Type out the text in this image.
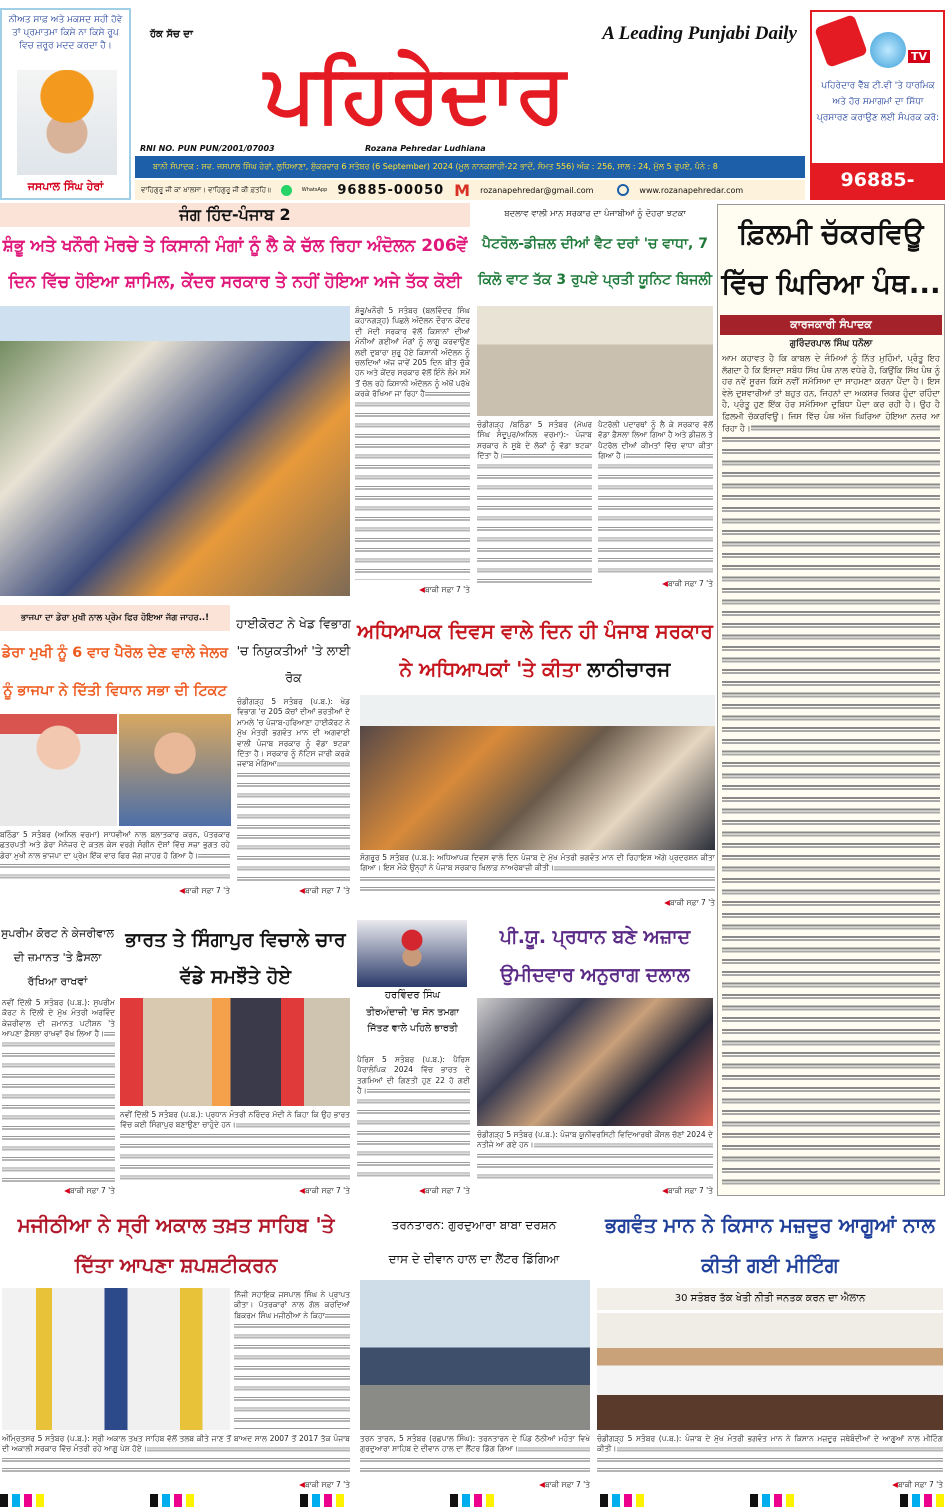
ਨੀਅਤ ਸਾਫ਼ ਅਤੇ ਮਕਸਦ ਸਹੀ ਹੋਵੇ ਤਾਂ ਪ੍ਰਮਾਤਮਾ ਕਿਸੇ ਨਾ ਕਿਸੇ ਰੂਪ ਵਿਚ ਜ਼ਰੂਰ ਮਦਦ ਕਰਦਾ ਹੈ।
ਜਸਪਾਲ ਸਿੰਘ ਹੇਰਾਂ
ਹੱਕ ਸੱਚ ਦਾ	A Leading Punjabi Daily
ਪਹਿਰੇਦਾਰ
RNI NO. PUN PUN/2001/07003	Rozana Pehredar Ludhiana
ਬਾਨੀ ਸੰਪਾਦਕ : ਸਵ. ਜਸਪਾਲ ਸਿੰਘ ਹੇਰਾਂ, ਲੁਧਿਆਣਾ, ਸ਼ੁੱਕਰਵਾਰ 6 ਸਤੰਬਰ (6 September) 2024 (ਮੂਲ ਨਾਨਕਸ਼ਾਹੀ-22 ਭਾਦੋਂ, ਸੰਮਤ 556) ਅੰਕ : 256, ਸਾਲ : 24, ਮੁੱਲ 5 ਰੁਪਏ, ਪੰਨੇ : 8
ਵਾਹਿਗੁਰੂ ਜੀ ਕਾ ਖ਼ਾਲਸਾ। ਵਾਹਿਗੁਰੂ ਜੀ ਕੀ ਫ਼ਤਹਿ॥	WhatsApp 96885-00050 M rozanapehredar@gmail.com	www.rozanapehredar.com
TV
ਪਹਿਰੇਦਾਰ ਵੈੱਬ ਟੀ.ਵੀ 'ਤੇ ਧਾਰਮਿਕ ਅਤੇ ਹੋਰ ਸਮਾਗਮਾਂ ਦਾ ਸਿੱਧਾ ਪ੍ਰਸਾਰਣ ਕਰਾਉਣ ਲਈ ਸੰਪਰਕ ਕਰੋ:
96885-
ਜੰਗ ਹਿੰਦ-ਪੰਜਾਬ 2
ਸ਼ੰਭੂ ਅਤੇ ਖਨੌਰੀ ਮੋਰਚੇ ਤੇ ਕਿਸਾਨੀ ਮੰਗਾਂ ਨੂੰ ਲੈ ਕੇ ਚੱਲ ਰਿਹਾ ਅੰਦੋਲਨ 206ਵੇਂ ਦਿਨ ਵਿੱਚ ਹੋਇਆ ਸ਼ਾਮਿਲ, ਕੇਂਦਰ ਸਰਕਾਰ ਤੇ ਨਹੀਂ ਹੋਇਆ ਅਜੇ ਤੱਕ ਕੋਈ
ਸ਼ੰਭੂ/ਖਨੌਰੀ 5 ਸਤੰਬਰ (ਬਲਵਿੰਦਰ ਸਿੰਘ ਕਹਾਨਗੜ੍ਹ) ਪਿਛਲੇ ਅੰਦੋਲਨ ਦੌਰਾਨ ਕੇਂਦਰ ਦੀ ਮੋਦੀ ਸਰਕਾਰ ਵੱਲੋਂ ਕਿਸਾਨਾਂ ਦੀਆਂ ਮੰਨੀਆਂ ਗਈਆਂ ਮੰਗਾਂ ਨੂੰ ਲਾਗੂ ਕਰਵਾਉਣ ਲਈ ਦੁਬਾਰਾ ਸ਼ੁਰੂ ਹੋਏ ਕਿਸਾਨੀ ਅੰਦੋਲਨ ਨੂੰ ਚਲਦਿਆਂ ਅੱਜ ਜਾਵੇਂ 205 ਦਿਨ ਬੀਤ ਚੁੱਕੇ ਹਨ ਅਤੇ ਕੇਂਦਰ ਸਰਕਾਰ ਵੱਲੋਂ ਇੰਨੇ ਲੰਮੇ ਸਮੇਂ ਤੋਂ ਚੱਲ ਰਹੇ ਕਿਸਾਨੀ ਅੰਦੋਲਨ ਨੂੰ ਅੱਖੋਂ ਪਰੋਖੇ ਕਰਕੇ ਰੱਖਿਆ ਜਾ ਰਿਹਾ ਹੈ
◀ ਬਾਕੀ ਸਫ਼ਾ 7 'ਤੇ
ਬਦਲਾਵ ਵਾਲੀ ਮਾਨ ਸਰਕਾਰ ਦਾ ਪੰਜਾਬੀਆਂ ਨੂੰ ਦੋਹਰਾ ਝਟਕਾ
ਪੈਟਰੋਲ-ਡੀਜ਼ਲ ਦੀਆਂ ਵੈਟ ਦਰਾਂ 'ਚ ਵਾਧਾ, 7 ਕਿਲੋ ਵਾਟ ਤੱਕ 3 ਰੁਪਏ ਪ੍ਰਤੀ ਯੂਨਿਟ ਬਿਜਲੀ
ਚੰਡੀਗੜ੍ਹ /ਬਠਿੰਡਾ 5 ਸਤੰਬਰ (ਮੱਘਰ ਸਿੰਘ ਸੰਦੂਪੁਰ/ਅਨਿਲ ਵਰਮਾ):- ਪੰਜਾਬ ਸਰਕਾਰ ਨੇ ਸੂਬੇ ਦੇ ਲੋਕਾਂ ਨੂੰ ਵੱਡਾ ਝਟਕਾ ਦਿੱਤਾ ਹੈ।
ਪੈਟਰੋਲੀ ਪਦਾਰਥਾਂ ਨੂੰ ਲੈ ਕੇ ਸਰਕਾਰ ਵੱਲੋਂ ਵੱਡਾ ਫ਼ੈਸਲਾ ਲਿਆ ਗਿਆ ਹੈ ਅਤੇ ਡੀਜ਼ਲ ਤੇ ਪੈਟਰੋਲ ਦੀਆਂ ਕੀਮਤਾਂ ਵਿੱਚ ਵਾਧਾ ਕੀਤਾ ਗਿਆ ਹੈ।
◀ ਬਾਕੀ ਸਫ਼ਾ 7 'ਤੇ
ਫ਼ਿਲਮੀ ਚੱਕਰਵਿਊ ਵਿੱਚ ਘਿਰਿਆ ਪੰਥ...
ਕਾਰਜਕਾਰੀ ਸੰਪਾਦਕ
ਗੁਰਿੰਦਰਪਾਲ ਸਿੰਘ ਧਨੌਲਾ
ਆਮ ਕਹਾਵਤ ਹੈ ਕਿ ਕਾਬਲ ਦੇ ਜੰਮਿਆਂ ਨੂੰ ਨਿੱਤ ਮੁਹਿੰਮਾਂ, ਪ੍ਰੰਤੂ ਇਹ ਲੱਗਦਾ ਹੈ ਕਿ ਇਸਦਾ ਸਬੰਧ ਸਿੱਖ ਪੰਥ ਨਾਲ ਵਧੇਰੇ ਹੈ, ਕਿਉਂਕਿ ਸਿੱਖ ਪੰਥ ਨੂੰ ਹਰ ਨਵੇਂ ਸੂਰਜ ਕਿਸੇ ਨਵੀਂ ਸਮੱਸਿਆ ਦਾ ਸਾਹਮਣਾ ਕਰਨਾ ਪੈਂਦਾ ਹੈ। ਇਸ ਵੇਲੇ ਦੁਸ਼ਵਾਰੀਆਂ ਤਾਂ ਬਹੁਤ ਹਨ, ਜਿਹਨਾਂ ਦਾ ਅਕਸਰ ਜ਼ਿਕਰ ਹੁੰਦਾ ਰਹਿੰਦਾ ਹੈ, ਪ੍ਰੰਤੂ ਹੁਣ ਇੱਕ ਹੋਰ ਸਮੱਸਿਆ ਦੁਬਿਧਾ ਪੈਦਾ ਕਰ ਰਹੀ ਹੈ। ਉਹ ਹੈ ਫ਼ਿਲਮੀ ਚੱਕਰਵਿਊ। ਜਿਸ ਵਿੱਚ ਪੰਥ ਅੱਜ ਘਿਰਿਆ ਹੋਇਆ ਨਜ਼ਰ ਆ ਰਿਹਾ ਹੈ।
ਭਾਜਪਾ ਦਾ ਡੇਰਾ ਮੁਖੀ ਨਾਲ ਪ੍ਰੇਮ ਫਿਰ ਹੋਇਆ ਜੱਗ ਜਾਹਰ..!
ਡੇਰਾ ਮੁਖੀ ਨੂੰ 6 ਵਾਰ ਪੈਰੋਲ ਦੇਣ ਵਾਲੇ ਜੇਲਰ ਨੂੰ ਭਾਜਪਾ ਨੇ ਦਿੱਤੀ ਵਿਧਾਨ ਸਭਾ ਦੀ ਟਿਕਟ
ਬਠਿੰਡਾ 5 ਸਤੰਬਰ (ਅਨਿਲ ਵਰਮਾ) ਸਾਧਵੀਆਂ ਨਾਲ ਬਲਾਤਕਾਰ ਕਰਨ, ਪੱਤਰਕਾਰ ਛਤਰਪਤੀ ਅਤੇ ਡੇਰਾ ਮੈਨੇਜਰ ਦੇ ਕਤਲ ਕੇਸ ਵਰਗੇ ਸੰਗੀਨ ਦੋਸ਼ਾਂ ਵਿੱਚ ਸਜ਼ਾ ਭੁਗਤ ਰਹੇ ਡੇਰਾ ਮੁਖੀ ਨਾਲ ਭਾਜਪਾ ਦਾ ਪ੍ਰੇਮ ਇੱਕ ਵਾਰ ਫਿਰ ਜੱਗ ਜਾਹਰ ਹੋ ਗਿਆ ਹੈ।
◀ ਬਾਕੀ ਸਫ਼ਾ 7 'ਤੇ
ਹਾਈਕੋਰਟ ਨੇ ਖੇਡ ਵਿਭਾਗ 'ਚ ਨਿਯੁਕਤੀਆਂ 'ਤੇ ਲਾਈ ਰੋਕ
ਚੰਡੀਗੜ੍ਹ 5 ਸਤੰਬਰ (ਪ.ਬ.): ਖੇਡ ਵਿਭਾਗ 'ਚ 205 ਕੋਚਾਂ ਦੀਆਂ ਭਰਤੀਆਂ ਦੇ ਮਾਮਲੇ 'ਚ ਪੰਜਾਬ-ਹਰਿਆਣਾ ਹਾਈਕੋਰਟ ਨੇ ਮੁੱਖ ਮੰਤਰੀ ਭਗਵੰਤ ਮਾਨ ਦੀ ਅਗਵਾਈ ਵਾਲੀ ਪੰਜਾਬ ਸਰਕਾਰ ਨੂੰ ਵੱਡਾ ਝਟਕਾ ਦਿੱਤਾ ਹੈ। ਸਰਕਾਰ ਨੂੰ ਨੋਟਿਸ ਜਾਰੀ ਕਰਕੇ ਜਵਾਬ ਮੰਗਿਆ
◀ ਬਾਕੀ ਸਫ਼ਾ 7 'ਤੇ
ਅਧਿਆਪਕ ਦਿਵਸ ਵਾਲੇ ਦਿਨ ਹੀ ਪੰਜਾਬ ਸਰਕਾਰ ਨੇ ਅਧਿਆਪਕਾਂ 'ਤੇ ਕੀਤਾ ਲਾਠੀਚਾਰਜ
ਸੰਗਰੂਰ 5 ਸਤੰਬਰ (ਪ.ਬ.): ਅਧਿਆਪਕ ਦਿਵਸ ਵਾਲੇ ਦਿਨ ਪੰਜਾਬ ਦੇ ਮੁੱਖ ਮੰਤਰੀ ਭਗਵੰਤ ਮਾਨ ਦੀ ਰਿਹਾਇਸ਼ ਅੱਗੇ ਪ੍ਰਦਰਸ਼ਨ ਕੀਤਾ ਗਿਆ। ਇਸ ਮੌਕੇ ਉਨ੍ਹਾਂ ਨੇ ਪੰਜਾਬ ਸਰਕਾਰ ਖ਼ਿਲਾਫ਼ ਨਾਅਰੇਬਾਜ਼ੀ ਕੀਤੀ।
◀ ਬਾਕੀ ਸਫ਼ਾ 7 'ਤੇ
ਸੁਪਰੀਮ ਕੋਰਟ ਨੇ ਕੇਜਰੀਵਾਲ ਦੀ ਜ਼ਮਾਨਤ 'ਤੇ ਫ਼ੈਸਲਾ ਰੱਖਿਆ ਰਾਖਵਾਂ
ਨਵੀਂ ਦਿੱਲੀ 5 ਸਤੰਬਰ (ਪ.ਬ.): ਸੁਪਰੀਮ ਕੋਰਟ ਨੇ ਦਿੱਲੀ ਦੇ ਮੁੱਖ ਮੰਤਰੀ ਅਰਵਿੰਦ ਕੇਜਰੀਵਾਲ ਦੀ ਜ਼ਮਾਨਤ ਪਟੀਸ਼ਨ 'ਤੇ ਆਪਣਾ ਫ਼ੈਸਲਾ ਰਾਖਵਾਂ ਰੱਖ ਲਿਆ ਹੈ।
◀ ਬਾਕੀ ਸਫ਼ਾ 7 'ਤੇ
ਭਾਰਤ ਤੇ ਸਿੰਗਾਪੁਰ ਵਿਚਾਲੇ ਚਾਰ ਵੱਡੇ ਸਮਝੌਤੇ ਹੋਏ
ਨਵੀਂ ਦਿੱਲੀ 5 ਸਤੰਬਰ (ਪ.ਬ.): ਪ੍ਰਧਾਨ ਮੰਤਰੀ ਨਰਿੰਦਰ ਮੋਦੀ ਨੇ ਕਿਹਾ ਕਿ ਉਹ ਭਾਰਤ ਵਿੱਚ ਕਈ ਸਿੰਗਾਪੁਰ ਬਣਾਉਣਾ ਚਾਹੁੰਦੇ ਹਨ।
◀ ਬਾਕੀ ਸਫ਼ਾ 7 'ਤੇ
ਹਰਵਿੰਦਰ ਸਿੰਘ
ਤੀਰਅੰਦਾਜ਼ੀ 'ਚ ਸੋਨ ਤਮਗਾ ਜਿੱਤਣ ਵਾਲੇ ਪਹਿਲੇ ਭਾਰਤੀ
ਪੈਰਿਸ 5 ਸਤੰਬਰ (ਪ.ਬ.): ਪੈਰਿਸ ਪੈਰਾਲੰਪਿਕ 2024 ਵਿੱਚ ਭਾਰਤ ਦੇ ਤਗਮਿਆਂ ਦੀ ਗਿਣਤੀ ਹੁਣ 22 ਹੋ ਗਈ ਹੈ।
◀ ਬਾਕੀ ਸਫ਼ਾ 7 'ਤੇ
ਪੀ.ਯੂ. ਪ੍ਰਧਾਨ ਬਣੇ ਅਜ਼ਾਦ ਉਮੀਦਵਾਰ ਅਨੁਰਾਗ ਦਲਾਲ
ਚੰਡੀਗੜ੍ਹ 5 ਸਤੰਬਰ (ਪ.ਬ.): ਪੰਜਾਬ ਯੂਨੀਵਰਸਿਟੀ ਵਿਦਿਆਰਥੀ ਕੌਂਸਲ ਚੋਣਾਂ 2024 ਦੇ ਨਤੀਜੇ ਆ ਗਏ ਹਨ।
◀ ਬਾਕੀ ਸਫ਼ਾ 7 'ਤੇ
ਮਜੀਠੀਆ ਨੇ ਸ੍ਰੀ ਅਕਾਲ ਤਖ਼ਤ ਸਾਹਿਬ 'ਤੇ ਦਿੱਤਾ ਆਪਣਾ ਸ਼ਪਸ਼ਟੀਕਰਨ
ਨਿੱਜੀ ਸਹਾਇਕ ਜਸਪਾਲ ਸਿੰਘ ਨੇ ਪ੍ਰਾਪਤ ਕੀਤਾ। ਪੱਤਰਕਾਰਾਂ ਨਾਲ ਗੱਲ ਕਰਦਿਆਂ ਬਿਕਰਮ ਸਿੰਘ ਮਜੀਠੀਆ ਨੇ ਕਿਹਾ
ਅੰਮ੍ਰਿਤਸਰ 5 ਸਤੰਬਰ (ਪ.ਬ.): ਸ੍ਰੀ ਅਕਾਲ ਤਖ਼ਤ ਸਾਹਿਬ ਵੱਲੋਂ ਤਲਬ ਕੀਤੇ ਜਾਣ ਤੋਂ ਬਾਅਦ ਸਾਲ 2007 ਤੋਂ 2017 ਤੱਕ ਪੰਜਾਬ ਦੀ ਅਕਾਲੀ ਸਰਕਾਰ ਵਿੱਚ ਮੰਤਰੀ ਰਹੇ ਆਗੂ ਪੇਸ਼ ਹੋਏ।
◀ ਬਾਕੀ ਸਫ਼ਾ 7 'ਤੇ
ਤਰਨਤਾਰਨ: ਗੁਰਦੁਆਰਾ ਬਾਬਾ ਦਰਸ਼ਨ
ਦਾਸ ਦੇ ਦੀਵਾਨ ਹਾਲ ਦਾ ਲੈਂਟਰ ਡਿੱਗਿਆ
ਤਰਨ ਤਾਰਨ, 5 ਸਤੰਬਰ (ਰਛਪਾਲ ਸਿੰਘ): ਤਰਨਤਾਰਨ ਦੇ ਪਿੰਡ ਠੱਠੀਆਂ ਮਹੰਤਾ ਵਿਖੇ ਗੁਰਦੁਆਰਾ ਸਾਹਿਬ ਦੇ ਦੀਵਾਨ ਹਾਲ ਦਾ ਲੈਂਟਰ ਡਿੱਗ ਗਿਆ।
◀ ਬਾਕੀ ਸਫ਼ਾ 7 'ਤੇ
ਭਗਵੰਤ ਮਾਨ ਨੇ ਕਿਸਾਨ ਮਜ਼ਦੂਰ ਆਗੂਆਂ ਨਾਲ ਕੀਤੀ ਗਈ ਮੀਟਿੰਗ
30 ਸਤੰਬਰ ਤੱਕ ਖੇਤੀ ਨੀਤੀ ਜਨਤਕ ਕਰਨ ਦਾ ਐਲਾਨ
ਚੰਡੀਗੜ੍ਹ 5 ਸਤੰਬਰ (ਪ.ਬ.): ਪੰਜਾਬ ਦੇ ਮੁੱਖ ਮੰਤਰੀ ਭਗਵੰਤ ਮਾਨ ਨੇ ਕਿਸਾਨ ਮਜ਼ਦੂਰ ਜਥੇਬੰਦੀਆਂ ਦੇ ਆਗੂਆਂ ਨਾਲ ਮੀਟਿੰਗ ਕੀਤੀ।
◀ ਬਾਕੀ ਸਫ਼ਾ 7 'ਤੇ
